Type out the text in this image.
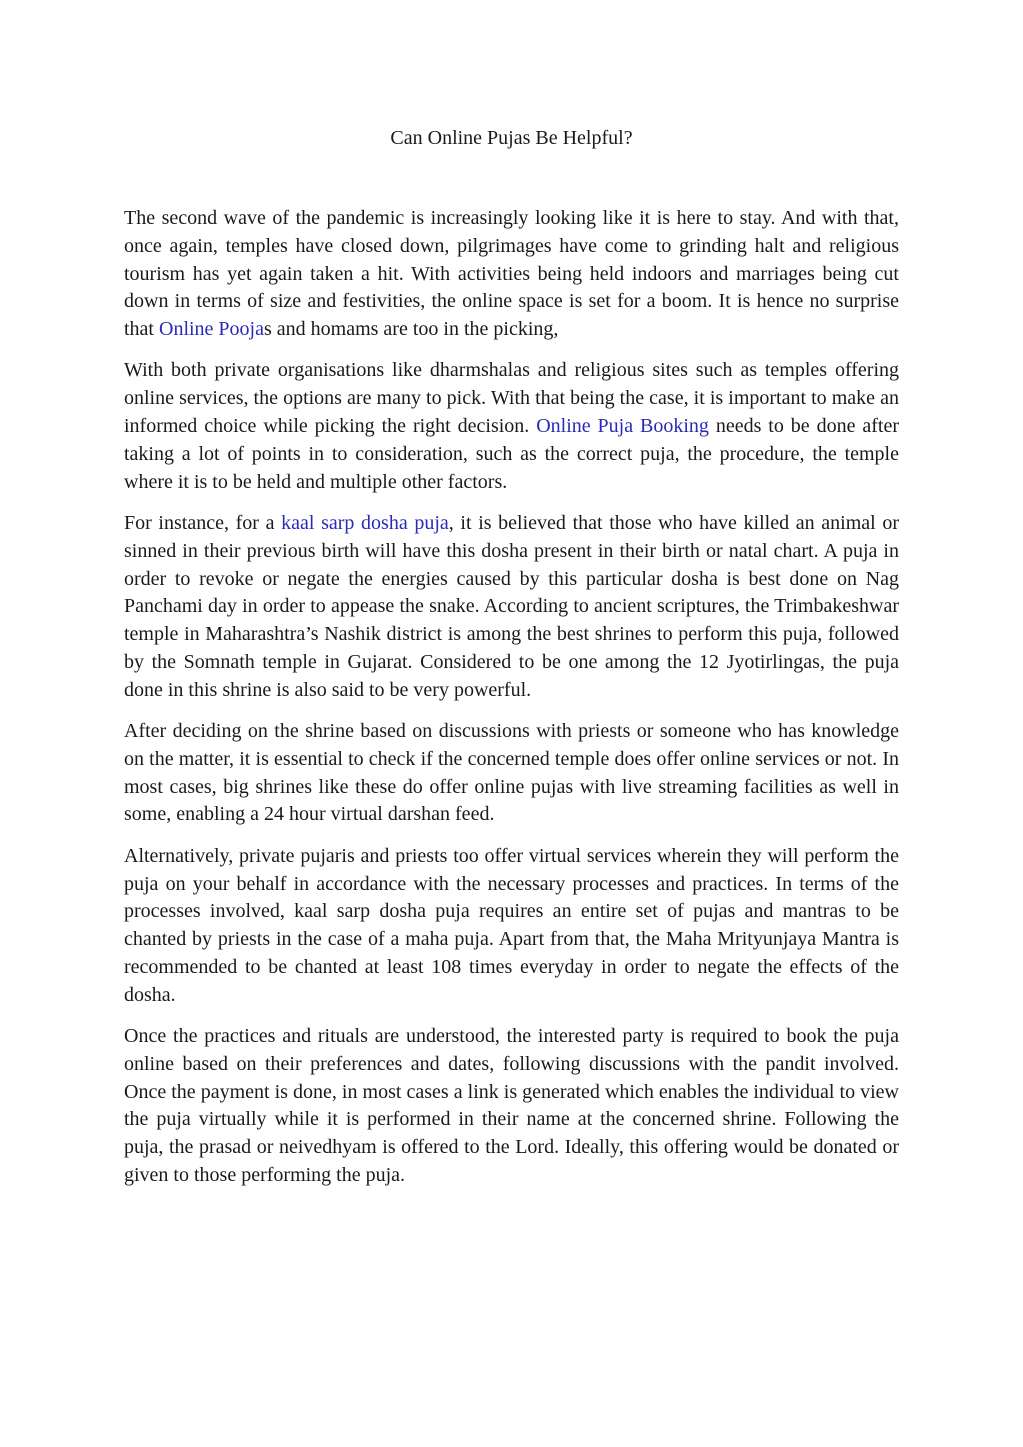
Can Online Pujas Be Helpful?

The second wave of the pandemic is increasingly looking like it is here to stay. And with that, once again, temples have closed down, pilgrimages have come to grinding halt and religious tourism has yet again taken a hit. With activities being held indoors and marriages being cut down in terms of size and festivities, the online space is set for a boom. It is hence no surprise that Online Poojas and homams are too in the picking,

With both private organisations like dharmshalas and religious sites such as temples offering online services, the options are many to pick. With that being the case, it is important to make an informed choice while picking the right decision. Online Puja Booking needs to be done after taking a lot of points in to consideration, such as the correct puja, the procedure, the temple where it is to be held and multiple other factors.

For instance, for a kaal sarp dosha puja, it is believed that those who have killed an animal or sinned in their previous birth will have this dosha present in their birth or natal chart. A puja in order to revoke or negate the energies caused by this particular dosha is best done on Nag Panchami day in order to appease the snake. According to ancient scriptures, the Trimbakeshwar temple in Maharashtra’s Nashik district is among the best shrines to perform this puja, followed by the Somnath temple in Gujarat. Considered to be one among the 12 Jyotirlingas, the puja done in this shrine is also said to be very powerful.

After deciding on the shrine based on discussions with priests or someone who has knowledge on the matter, it is essential to check if the concerned temple does offer online services or not. In most cases, big shrines like these do offer online pujas with live streaming facilities as well in some, enabling a 24 hour virtual darshan feed.

Alternatively, private pujaris and priests too offer virtual services wherein they will perform the puja on your behalf in accordance with the necessary processes and practices. In terms of the processes involved, kaal sarp dosha puja requires an entire set of pujas and mantras to be chanted by priests in the case of a maha puja. Apart from that, the Maha Mrityunjaya Mantra is recommended to be chanted at least 108 times everyday in order to negate the effects of the dosha.

Once the practices and rituals are understood, the interested party is required to book the puja online based on their preferences and dates, following discussions with the pandit involved. Once the payment is done, in most cases a link is generated which enables the individual to view the puja virtually while it is performed in their name at the concerned shrine. Following the puja, the prasad or neivedhyam is offered to the Lord. Ideally, this offering would be donated or given to those performing the puja.
